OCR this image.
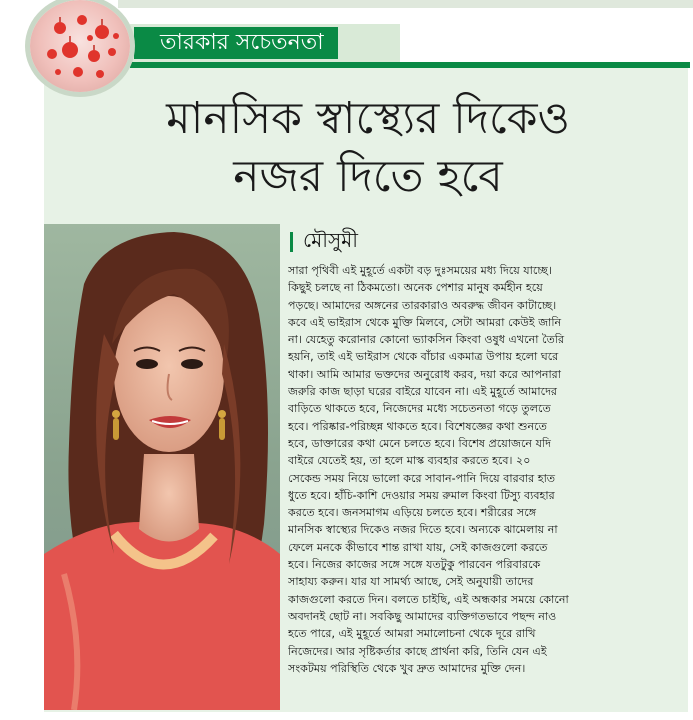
তারকার সচেতনতা
মানসিক স্বাস্থ্যের দিকেও
নজর দিতে হবে
মৌসুমী
সারা পৃথিবী এই মুহূর্তে একটা বড় দুঃসময়ের মধ্য দিয়ে যাচ্ছে।
কিছুই চলছে না ঠিকমতো। অনেক পেশার মানুষ কর্মহীন হয়ে
পড়ছে। আমাদের অঙ্গনের তারকারাও অবরুদ্ধ জীবন কাটাচ্ছে।
কবে এই ভাইরাস থেকে মুক্তি মিলবে, সেটা আমরা কেউই জানি
না। যেহেতু করোনার কোনো ভ্যাকসিন কিংবা ওষুধ এখনো তৈরি
হয়নি, তাই এই ভাইরাস থেকে বাঁচার একমাত্র উপায় হলো ঘরে
থাকা। আমি আমার ভক্তদের অনুরোধ করব, দয়া করে আপনারা
জরুরি কাজ ছাড়া ঘরের বাইরে যাবেন না। এই মুহূর্তে আমাদের
বাড়িতে থাকতে হবে, নিজেদের মধ্যে সচেতনতা গড়ে তুলতে
হবে। পরিষ্কার-পরিচ্ছন্ন থাকতে হবে। বিশেষজ্ঞের কথা শুনতে
হবে, ডাক্তারের কথা মেনে চলতে হবে। বিশেষ প্রয়োজনে যদি
বাইরে যেতেই হয়, তা হলে মাস্ক ব্যবহার করতে হবে। ২০
সেকেন্ড সময় নিয়ে ভালো করে সাবান-পানি দিয়ে বারবার হাত
ধুতে হবে। হাঁচি-কাশি দেওয়ার সময় রুমাল কিংবা টিস্যু ব্যবহার
করতে হবে। জনসমাগম এড়িয়ে চলতে হবে। শরীরের সঙ্গে
মানসিক স্বাস্থ্যের দিকেও নজর দিতে হবে। অন্যকে ঝামেলায় না
ফেলে মনকে কীভাবে শান্ত রাখা যায়, সেই কাজগুলো করতে
হবে। নিজের কাজের সঙ্গে সঙ্গে যতটুকু পারবেন পরিবারকে
সাহায্য করুন। যার যা সামর্থ্য আছে, সেই অনুযায়ী তাদের
কাজগুলো করতে দিন। বলতে চাইছি, এই অন্ধকার সময়ে কোনো
অবদানই ছোট না। সবকিছু আমাদের ব্যক্তিগতভাবে পছন্দ নাও
হতে পারে, এই মুহূর্তে আমরা সমালোচনা থেকে দূরে রাখি
নিজেদের। আর সৃষ্টিকর্তার কাছে প্রার্থনা করি, তিনি যেন এই
সংকটময় পরিস্থিতি থেকে খুব দ্রুত আমাদের মুক্তি দেন।
